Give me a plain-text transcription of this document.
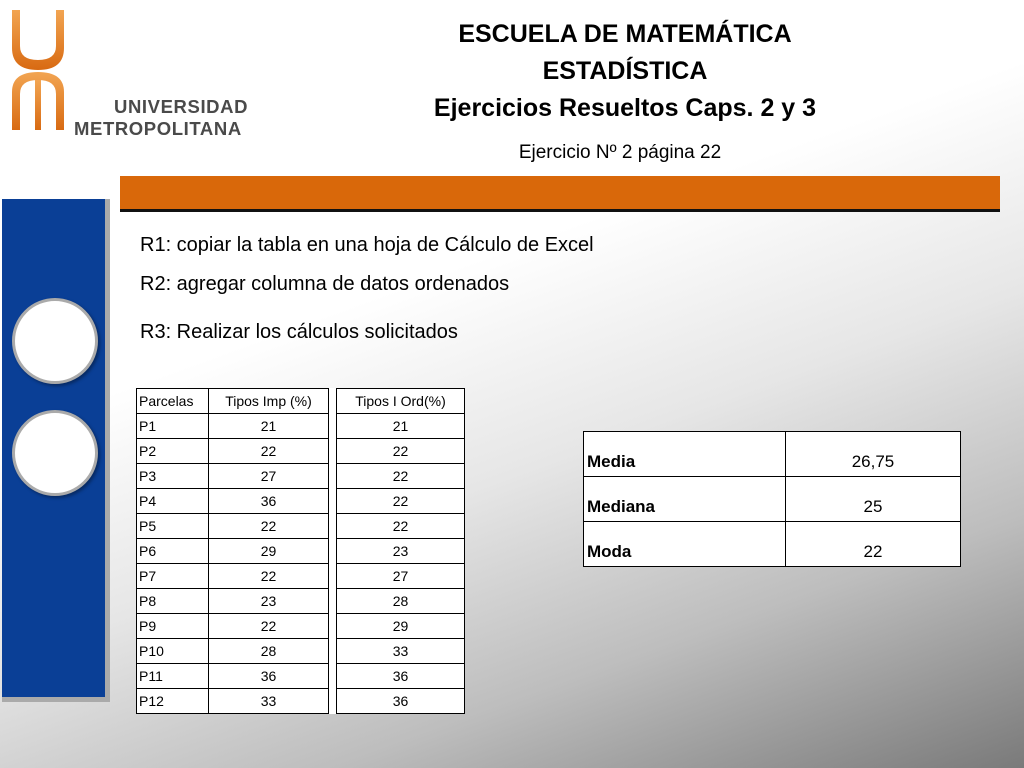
UNIVERSIDAD
METROPOLITANA
ESCUELA DE MATEMÁTICA
ESTADÍSTICA
Ejercicios Resueltos Caps. 2 y 3
Ejercicio Nº 2 página 22
R1: copiar la tabla en una hoja de Cálculo de Excel
R2: agregar columna de datos ordenados
R3: Realizar los cálculos solicitados
Parcelas	Tipos Imp (%)		Tipos I Ord(%)
P1	21		21
P2	22		22
P3	27		22
P4	36		22
P5	22		22
P6	29		23
P7	22		27
P8	23		28
P9	22		29
P10	28		33
P11	36		36
P12	33		36
Media	26,75
Mediana	25
Moda	22
